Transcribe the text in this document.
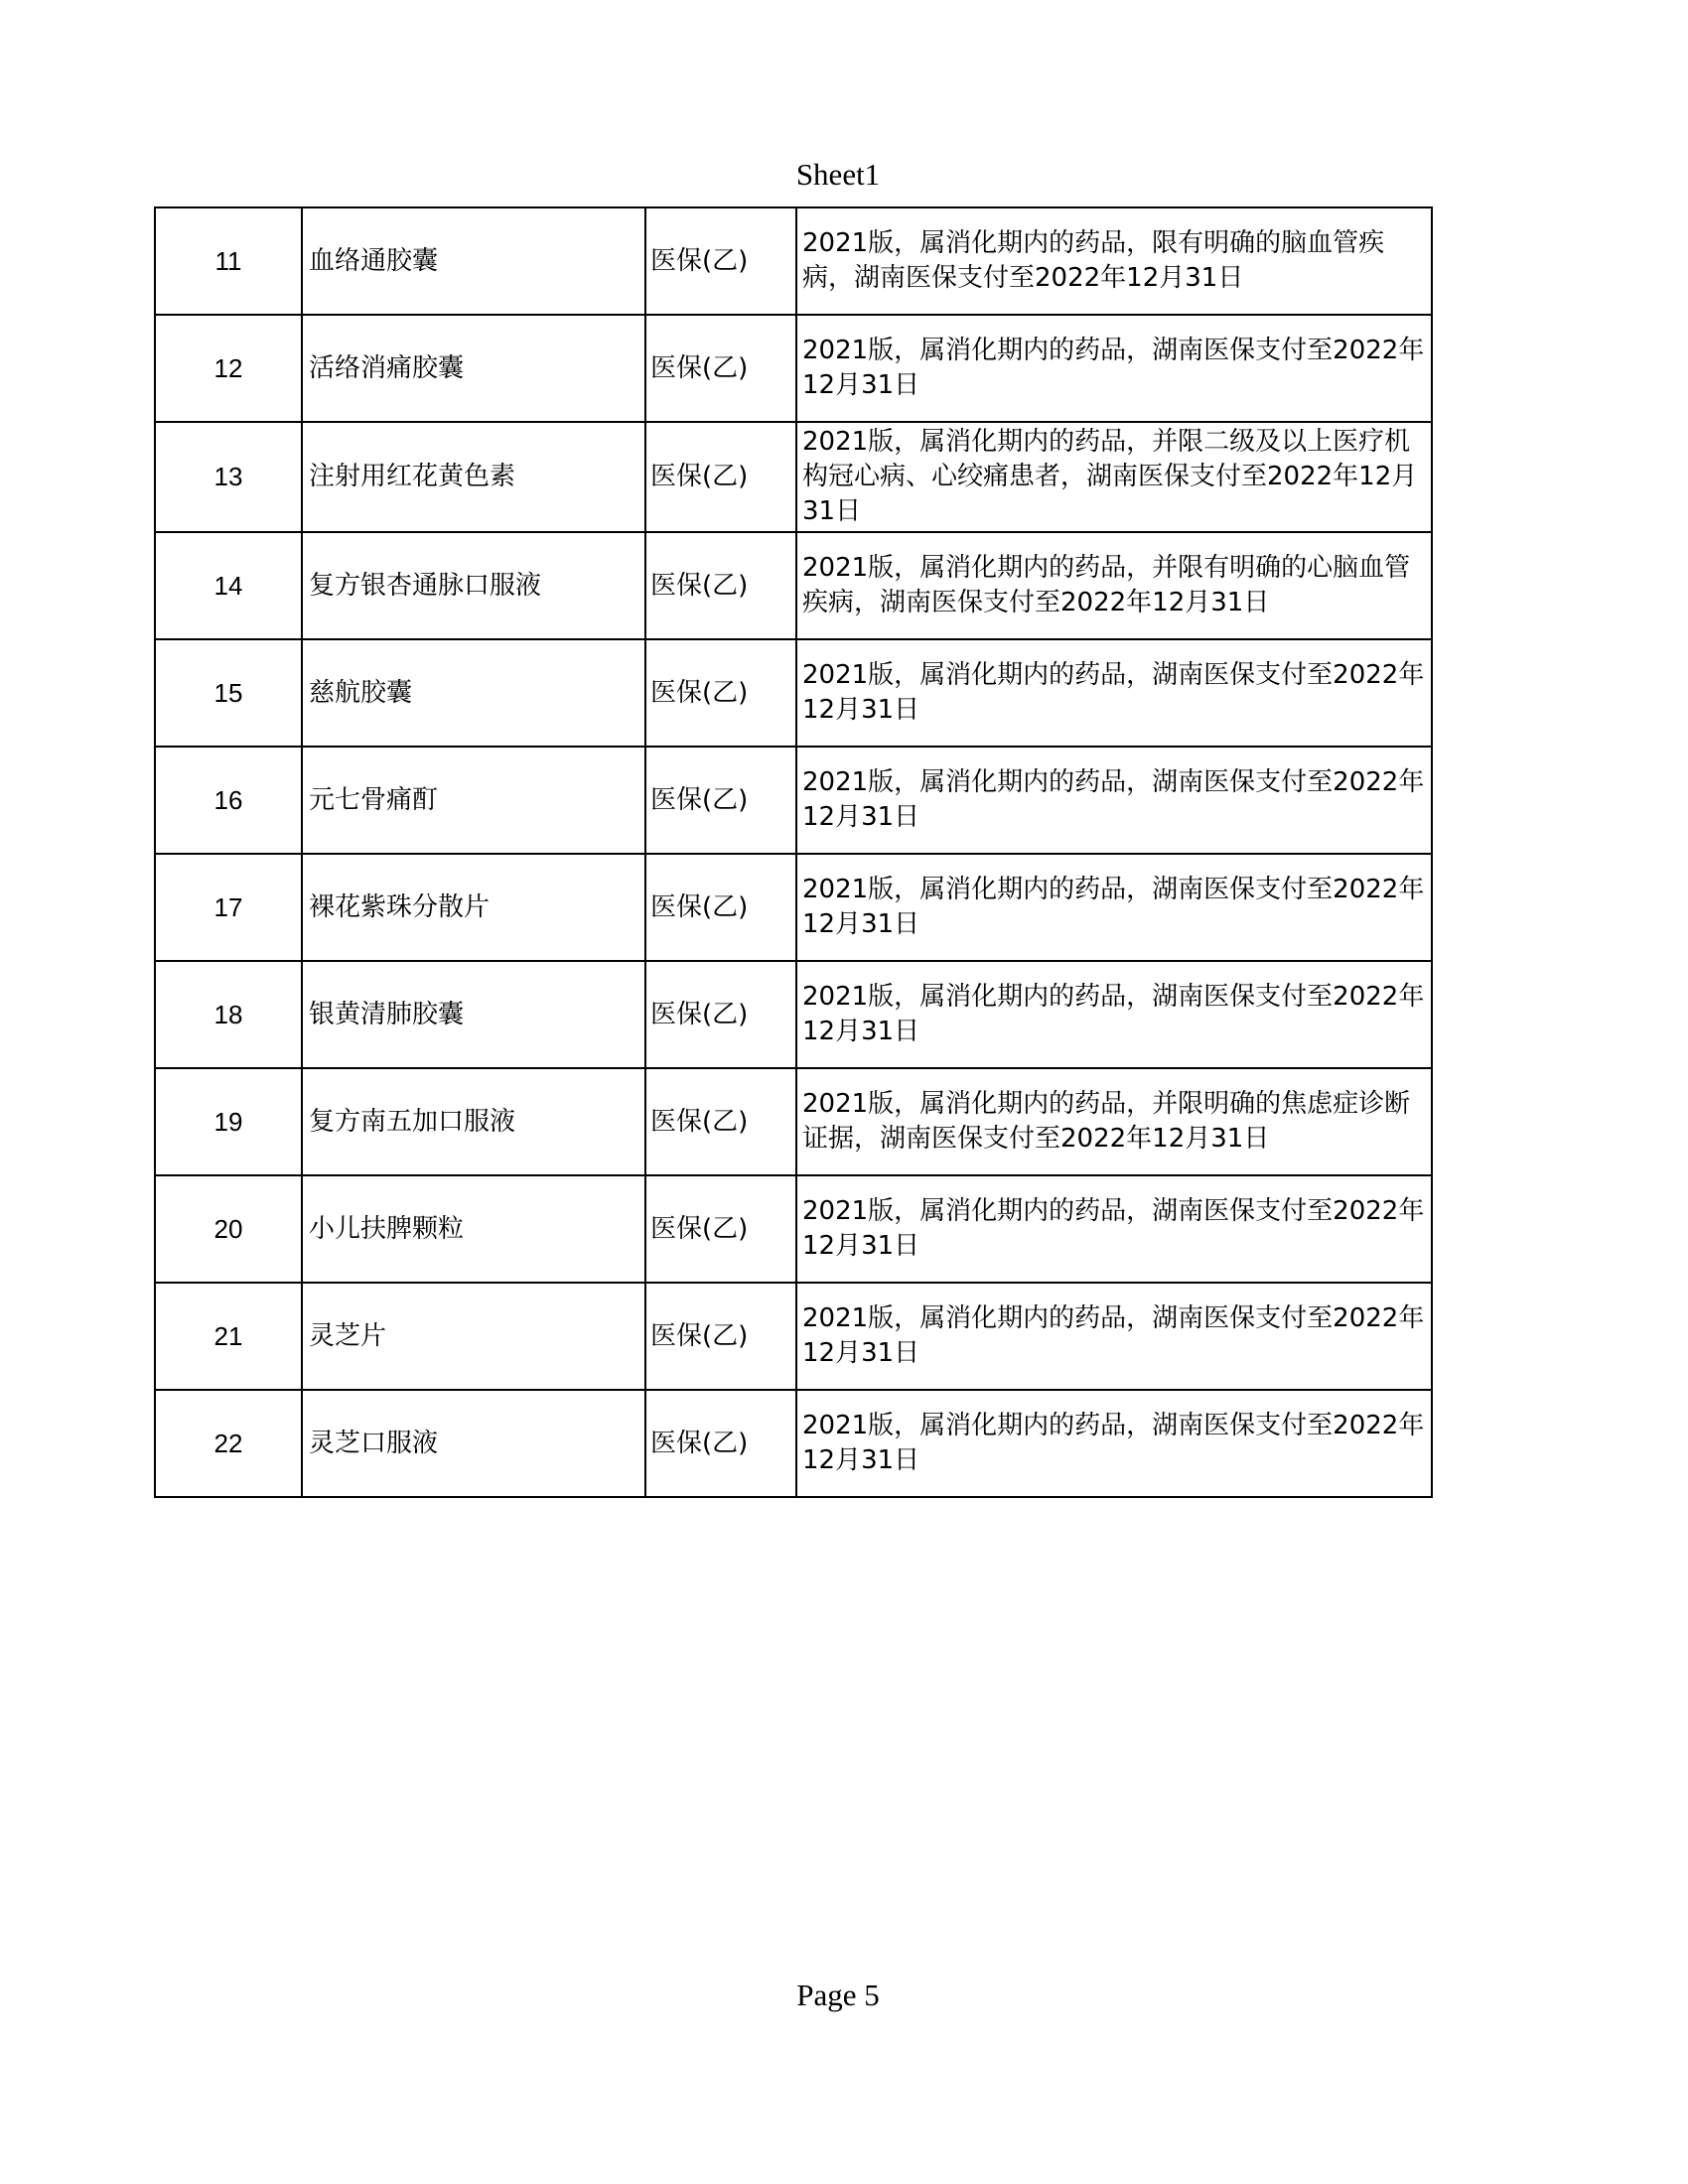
Sheet1
11	血络通胶囊	医保(乙)	2021版，属消化期内的药品，限有明确的脑血管疾病，湖南医保支付至2022年12月31日
12	活络消痛胶囊	医保(乙)	2021版，属消化期内的药品，湖南医保支付至2022年12月31日
13	注射用红花黄色素	医保(乙)	2021版，属消化期内的药品，并限二级及以上医疗机构冠心病、心绞痛患者，湖南医保支付至2022年12月31日
14	复方银杏通脉口服液	医保(乙)	2021版，属消化期内的药品，并限有明确的心脑血管疾病，湖南医保支付至2022年12月31日
15	慈航胶囊	医保(乙)	2021版，属消化期内的药品，湖南医保支付至2022年12月31日
16	元七骨痛酊	医保(乙)	2021版，属消化期内的药品，湖南医保支付至2022年12月31日
17	裸花紫珠分散片	医保(乙)	2021版，属消化期内的药品，湖南医保支付至2022年12月31日
18	银黄清肺胶囊	医保(乙)	2021版，属消化期内的药品，湖南医保支付至2022年12月31日
19	复方南五加口服液	医保(乙)	2021版，属消化期内的药品，并限明确的焦虑症诊断证据，湖南医保支付至2022年12月31日
20	小儿扶脾颗粒	医保(乙)	2021版，属消化期内的药品，湖南医保支付至2022年12月31日
21	灵芝片	医保(乙)	2021版，属消化期内的药品，湖南医保支付至2022年12月31日
22	灵芝口服液	医保(乙)	2021版，属消化期内的药品，湖南医保支付至2022年12月31日
Page 5
